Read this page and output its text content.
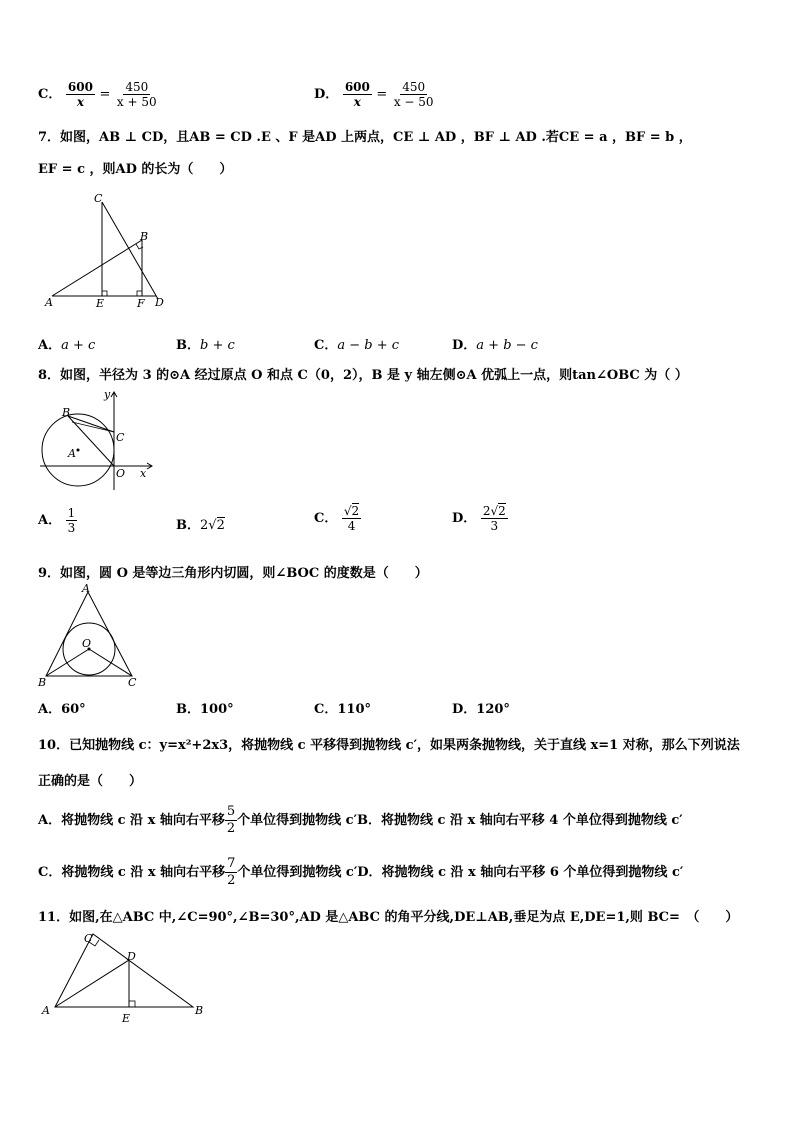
C． $\frac{600}{x} = \frac{450}{x + 50}$	D． $\frac{600}{x} = \frac{450}{x - 50}$
7．如图，AB ⊥ CD，且AB = CD .E 、F 是AD 上两点，CE ⊥ AD ，BF ⊥ AD .若CE = a ，BF = b ，
EF = c ，则AD 的长为（　　）
C
B
A	E	F D
A．a + c	B．b + c	C．a − b + c	D．a + b − c
8．如图，半径为 3 的⊙A 经过原点 O 和点 C（0，2），B 是 y 轴左侧⊙A 优弧上一点，则tan∠OBC 为（ ）
y
B
C
A
O x
A． $\frac{1}{3}$	B．2√2	C． $\frac{√2}{4}$	D． $\frac{2√2}{3}$
9．如图，圆 O 是等边三角形内切圆，则∠BOC 的度数是（　　）
A
O
B	C
A．60°	B．100°	C．110°	D．120°
10．已知抛物线 c：y=x²+2x3，将抛物线 c 平移得到抛物线 c′，如果两条抛物线，关于直线 x=1 对称，那么下列说法
正确的是（　　）
A．将抛物线 c 沿 x 轴向右平移 $\frac{5}{2}$ 个单位得到抛物线 c′B．将抛物线 c 沿 x 轴向右平移 4 个单位得到抛物线 c′
C．将抛物线 c 沿 x 轴向右平移 $\frac{7}{2}$ 个单位得到抛物线 c′D．将抛物线 c 沿 x 轴向右平移 6 个单位得到抛物线 c′
11．如图,在△ABC 中,∠C=90°,∠B=30°,AD 是△ABC 的角平分线,DE⊥AB,垂足为点 E,DE=1,则 BC=　（　　）
C
D
A
E
B
